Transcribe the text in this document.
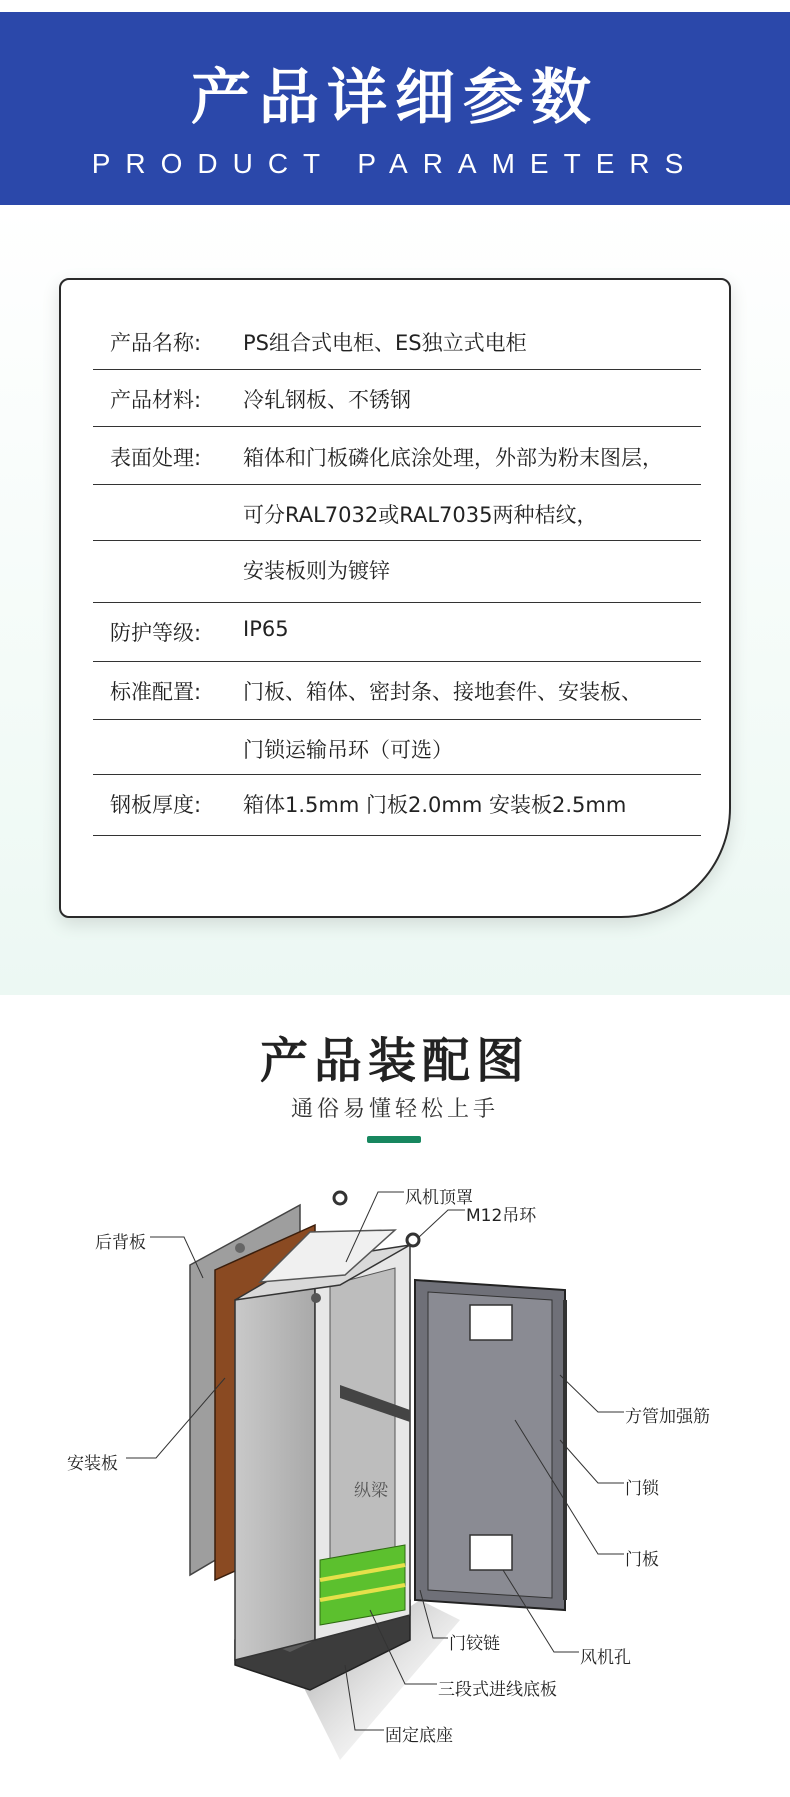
产品详细参数
PRODUCT PARAMETERS
产品名称: PS组合式电柜、ES独立式电柜
产品材料: 冷轧钢板、不锈钢
表面处理: 箱体和门板磷化底涂处理，外部为粉末图层，
可分RAL7032或RAL7035两种桔纹，
安装板则为镀锌
防护等级: IP65
标准配置: 门板、箱体、密封条、接地套件、安装板、
门锁运输吊环（可选）
钢板厚度: 箱体1.5mm 门板2.0mm 安装板2.5mm
产品装配图
通俗易懂轻松上手
风机顶罩
M12吊环
后背板
方管加强筋
安装板
门锁
纵梁
门板
门铰链
风机孔
三段式进线底板
固定底座
